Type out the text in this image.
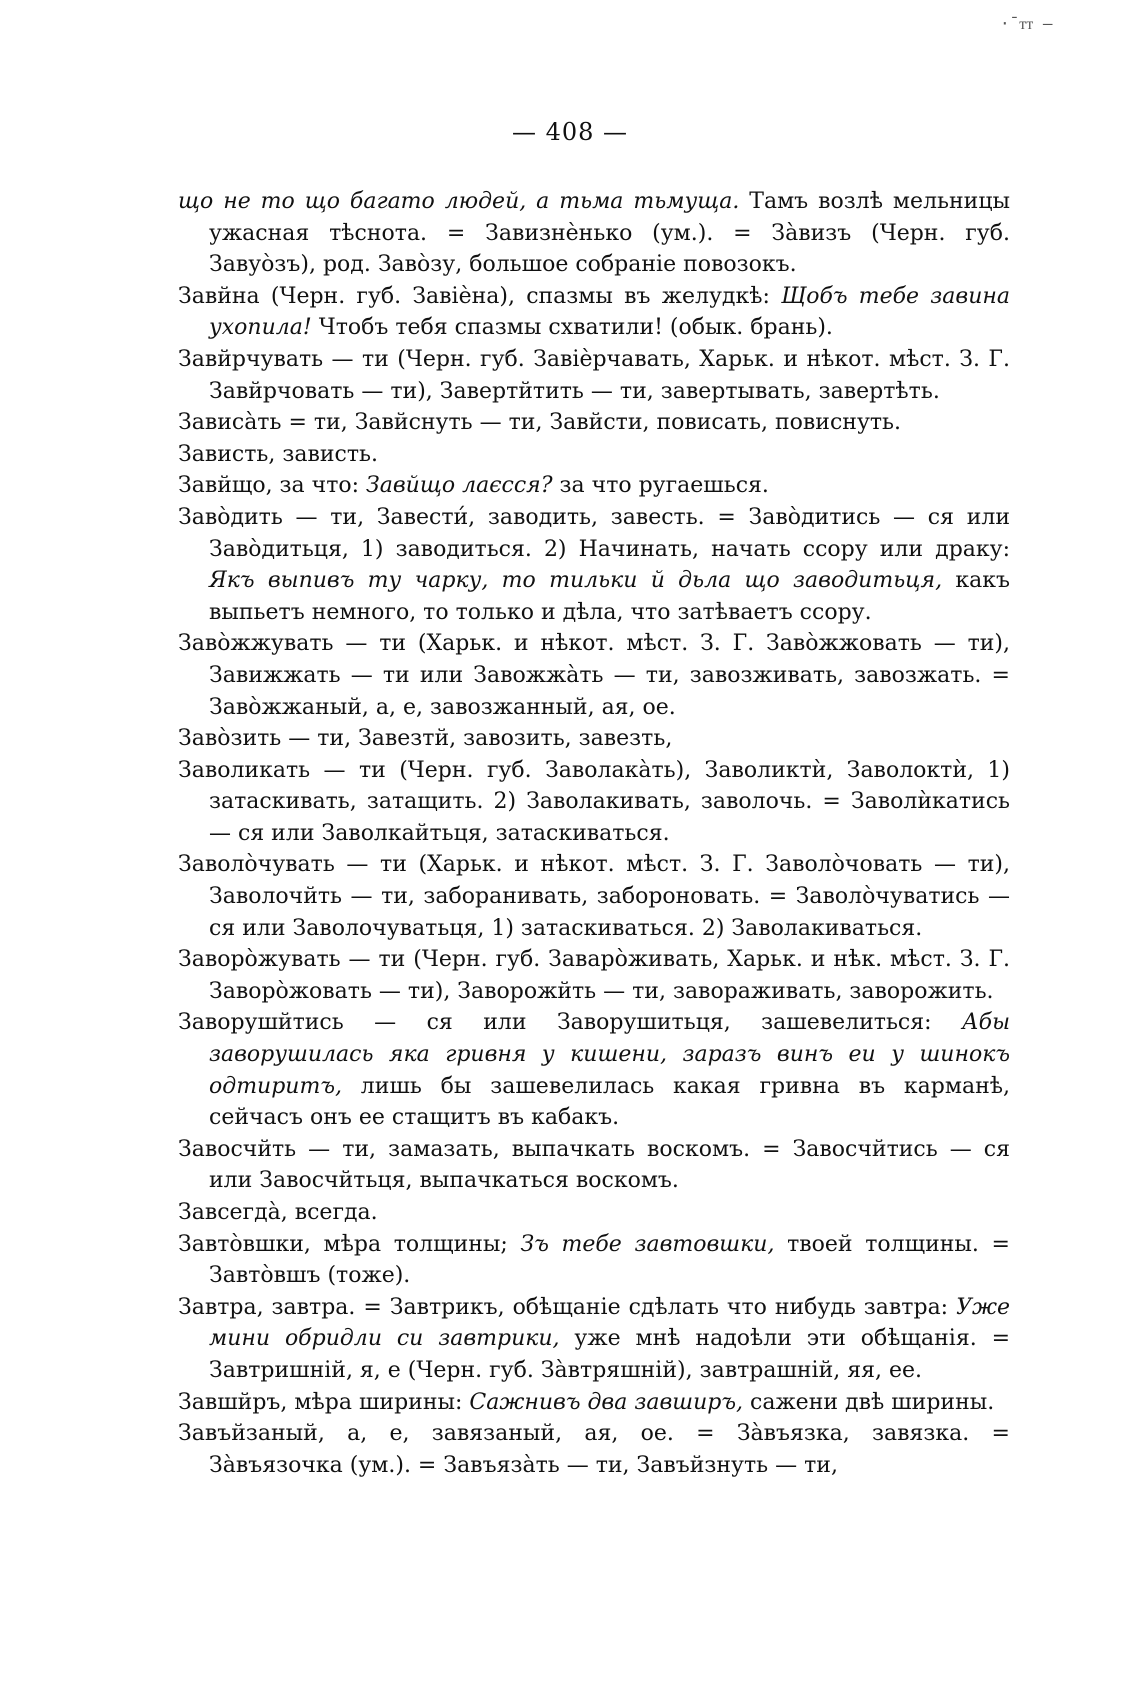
·ˉᴛᴛ ‒
— 408 —
що не то що багато людей, а тьма тьмуща. Тамъ возлѣ мельницы ужасная тѣснота. = Завизнѐнько (ум.). = Зàвизъ (Черн. губ. Завуòзъ), род. Завòзу, большое собраніе повозокъ.
Завйна (Черн. губ. Завiѐна), спазмы въ желудкѣ: Щобъ тебе завина ухопила! Чтобъ тебя спазмы схватили! (обык. брань).
Завйрчувать — ти (Черн. губ. Завiѐрчавать, Харьк. и нѣкот. мѣст. З. Г. Завйрчовать — ти), Завертйтить — ти, завертывать, завертѣть.
Зависàть = ти, Завйснуть — ти, Завйсти, повисать, повиснуть.
Зависть, зависть.
Завйщо, за что: Завйщо лаєсся? за что ругаешься.
Завòдить — ти, Завести́, заводить, завесть. = Завòдитись — ся или Завòдитьця, 1) заводиться. 2) Начинать, начать ссору или драку: Якъ выпивъ ту чарку, то тильки й дьла що заводитьця, какъ выпьетъ немного, то только и дѣла, что затѣваетъ ссору.
Завòжжувать — ти (Харьк. и нѣкот. мѣст. З. Г. Завòжжовать — ти), Завижжать — ти или Завожжàть — ти, завозживать, завозжать. = Завòжжаный, а, е, завозжанный, ая, ое.
Завòзить — ти, Завезтй, завозить, завезть,
Заволикать — ти (Черн. губ. Заволакàть), Заволиктѝ, Заволоктѝ, 1) затаскивать, затащить. 2) Заволакивать, заволочь. = Заволѝкатись — ся или Заволкайтьця, затаскиваться.
Заволòчувать — ти (Харьк. и нѣкот. мѣст. З. Г. Заволòчовать — ти), Заволочйть — ти, заборанивать, забороновать. = Заволòчуватись — ся или Заволочуватьця, 1) затаскиваться. 2) Заволакиваться.
Заворòжувать — ти (Черн. губ. Заварòживать, Харьк. и нѣк. мѣст. З. Г. Заворòжовать — ти), Заворожйть — ти, завораживать, заворожить.
Заворушйтись — ся или Заворушитьця, зашевелиться: Абы заворушилась яка гривня у кишени, заразъ винъ еи у шинокъ одтиритъ, лишь бы зашевелилась какая гривна въ карманѣ, сейчасъ онъ ее стащитъ въ кабакъ.
Завосчйть — ти, замазать, выпачкать воскомъ. = Завосчйтись — ся или Завосчйтьця, выпачкаться воскомъ.
Завсегдà, всегда.
Завтòвшки, мѣра толщины; Зъ тебе завтовшки, твоей толщины. = Завтòвшъ (тоже).
Завтра, завтра. = Завтрикъ, обѣщаніе сдѣлать что нибудь завтра: Уже мини обридли си завтрики, уже мнѣ надоѣли эти обѣщанія. = Завтришній, я, е (Черн. губ. Зàвтряшній), завтрашній, яя, ее.
Завшйръ, мѣра ширины: Сажнивъ два завширъ, сажени двѣ ширины.
Завъйзаный, а, е, завязаный, ая, ое. = Зàвъязка, завязка. = Зàвъязочка (ум.). = Завъязàть — ти, Завъйзнуть — ти,
